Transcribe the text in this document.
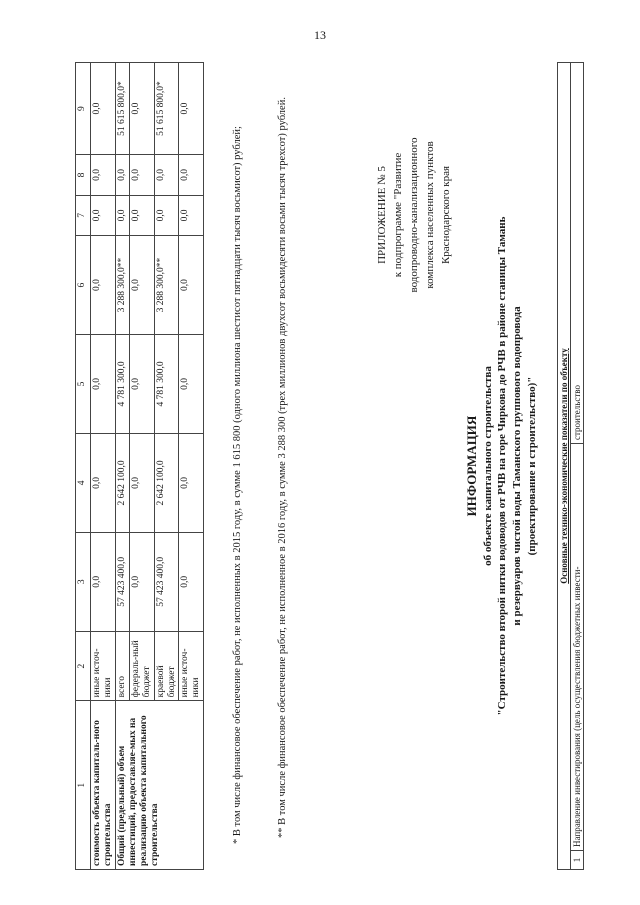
13
1	2	3	4	5	6	7	8	9
стоимость объекта капиталь-ного строительства	иные источ-ники	0,0	0,0	0,0	0,0	0,0	0,0	0,0
Общий (предельный) объем инвестиций, предоставляе-мых на реализацию объекта капитального строительства	всего	57 423 400,0	2 642 100,0	4 781 300,0	3 288 300,0**	0,0	0,0	51 615 800,0*
	федераль-ный бюджет	0,0	0,0	0,0	0,0	0,0	0,0	0,0
	краевой бюджет	57 423 400,0	2 642 100,0	4 781 300,0	3 288 300,0**	0,0	0,0	51 615 800,0*
	иные источ-ники	0,0	0,0	0,0	0,0	0,0	0,0	0,0
* В том числе финансовое обеспечение работ, не исполненных в 2015 году, в сумме 1 615 800 (одного миллиона шестисот пятнадцати тысяч восьмисот) рублей;	** В том числе финансовое обеспечение работ, не исполненное в 2016 году, в сумме 3 288 300 (трех миллионов двухсот восьмидесяти восьми тысяч трехсот) рублей.	ПРИЛОЖЕНИЕ № 5 к подпрограмме "Развитие водопроводно-канализационного комплекса населенных пунктов Краснодарского края
ИНФОРМАЦИЯ об объекте капитального строительства "Строительство второй нитки водоводов от РЧВ на горе Чиркова до РЧВ в районе станицы Тамань и резервуаров чистой воды Таманского группового водопровода (проектирование и строительство)" Основные технико-экономические показатели по объекту
1	Направление инвестирования (цель осуществления бюджетных инвести-	строительство
